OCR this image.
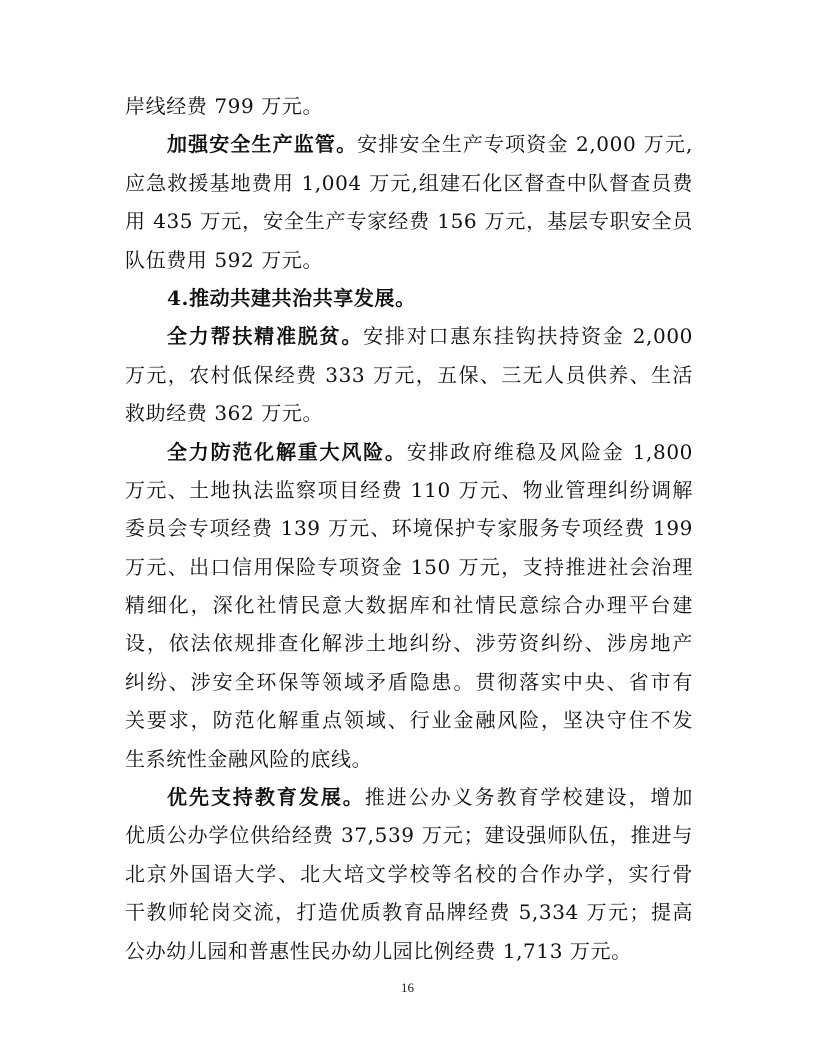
岸线经费 799 万元。
加强安全生产监管。安排安全生产专项资金 2,000 万元,
应急救援基地费用 1,004 万元,组建石化区督查中队督查员费
用 435 万元，安全生产专家经费 156 万元，基层专职安全员
队伍费用 592 万元。
4.推动共建共治共享发展。
全力帮扶精准脱贫。安排对口惠东挂钩扶持资金 2,000
万元，农村低保经费 333 万元，五保、三无人员供养、生活
救助经费 362 万元。
全力防范化解重大风险。安排政府维稳及风险金 1,800
万元、土地执法监察项目经费 110 万元、物业管理纠纷调解
委员会专项经费 139 万元、环境保护专家服务专项经费 199
万元、出口信用保险专项资金 150 万元，支持推进社会治理
精细化，深化社情民意大数据库和社情民意综合办理平台建
设，依法依规排查化解涉土地纠纷、涉劳资纠纷、涉房地产
纠纷、涉安全环保等领域矛盾隐患。贯彻落实中央、省市有
关要求，防范化解重点领域、行业金融风险，坚决守住不发
生系统性金融风险的底线。
优先支持教育发展。推进公办义务教育学校建设，增加
优质公办学位供给经费 37,539 万元；建设强师队伍，推进与
北京外国语大学、北大培文学校等名校的合作办学，实行骨
干教师轮岗交流，打造优质教育品牌经费 5,334 万元；提高
公办幼儿园和普惠性民办幼儿园比例经费 1,713 万元。
16
